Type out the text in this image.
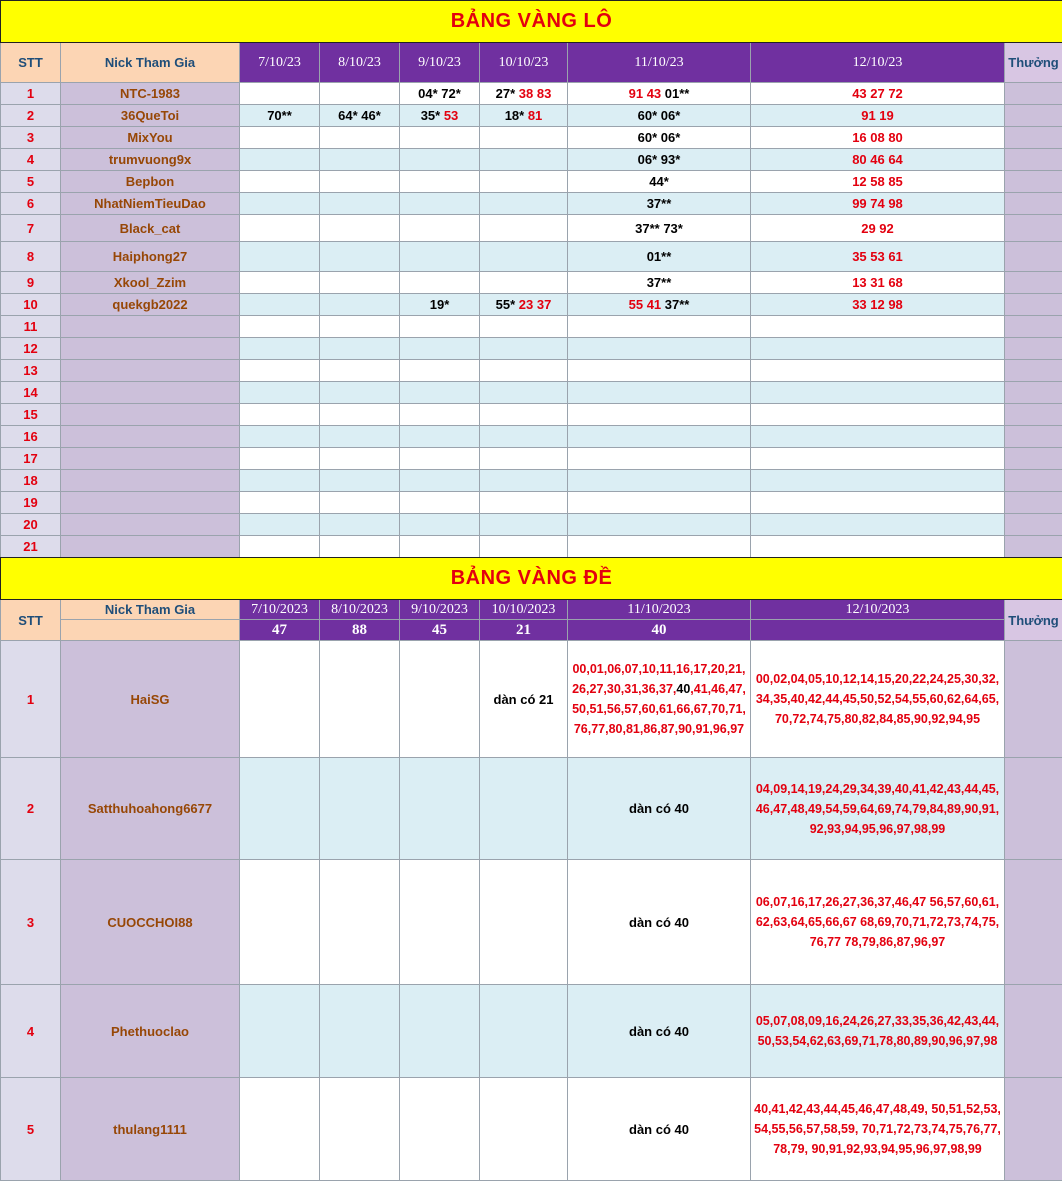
BẢNG VÀNG LÔ								
STT	Nick Tham Gia	7/10/23	8/10/23	9/10/23	10/10/23	11/10/23	12/10/23	Thưởng
1	NTC-1983			04* 72*	27* 38 83	91 43 01**	43 27 72	
2	36QueToi	70**	64* 46*	35* 53	18* 81	60* 06*	91 19	
3	MixYou					60* 06*	16 08 80	
4	trumvuong9x					06* 93*	80 46 64	
5	Bepbon					44*	12 58 85	
6	NhatNiemTieuDao					37**	99 74 98	
7	Black_cat					37** 73*	29 92	
8	Haiphong27					01**	35 53 61	
9	Xkool_Zzim					37**	13 31 68	
10	quekgb2022			19*	55* 23 37	55 41 37**	33 12 98	
11								
12								
13								
14								
15								
16								
17								
18								
19								
20								
21								
BẢNG VÀNG ĐỀ								
STT	Nick Tham Gia	7/10/2023	8/10/2023	9/10/2023	10/10/2023	11/10/2023	12/10/2023	Thưởng
		47	88	45	21	40		
1	HaiSG				dàn có 21	00,01,06,07,10,11,16,17,20,21,26,27,30,31,36,37,40,41,46,47,50,51,56,57,60,61,66,67,70,71,76,77,80,81,86,87,90,91,96,97	00,02,04,05,10,12,14,15,20,22,24,25,30,32,34,35,40,42,44,45,50,52,54,55,60,62,64,65,70,72,74,75,80,82,84,85,90,92,94,95	
2	Satthuhoahong6677					dàn có 40	04,09,14,19,24,29,34,39,40,41,42,43,44,45,46,47,48,49,54,59,64,69,74,79,84,89,90,91,92,93,94,95,96,97,98,99	
3	CUOCCHOI88					dàn có 40	06,07,16,17,26,27,36,37,46,47 56,57,60,61,62,63,64,65,66,67 68,69,70,71,72,73,74,75,76,77 78,79,86,87,96,97	
4	Phethuoclao					dàn có 40	05,07,08,09,16,24,26,27,33,35,36,42,43,44,50,53,54,62,63,69,71,78,80,89,90,96,97,98	
5	thulang1111					dàn có 40	40,41,42,43,44,45,46,47,48,49, 50,51,52,53,54,55,56,57,58,59, 70,71,72,73,74,75,76,77,78,79, 90,91,92,93,94,95,96,97,98,99	
